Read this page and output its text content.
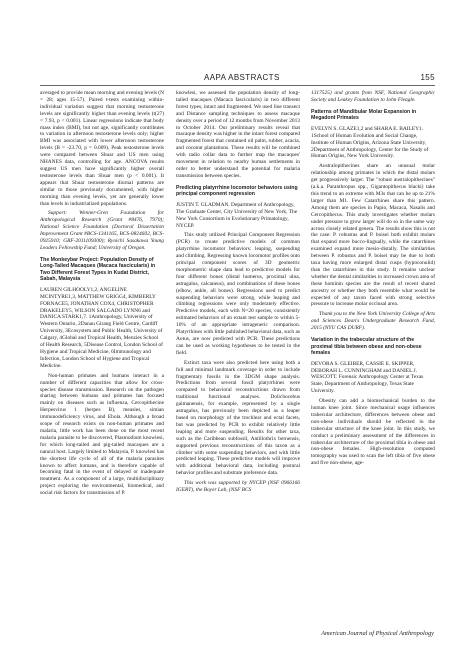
AAPA ABSTRACTS	155

averaged to provide mean morning and evening levels (N = 28; ages 15-57). Paired t-tests examining within-individual variation suggest that morning testosterone levels are significantly higher than evening levels (t(27) = 7.93, p < 0.001). Linear regressions indicate that body mass index (BMI), but not age, significantly contributes to variation in afternoon testosterone levels only; higher BMI was associated with lower afternoon testosterone levels (B = -23.70, p = 0.009). Peak testosterone levels were compared between Shuar and US men using NHANES data, controlling for age. ANCOVA results suggest US men have significantly higher overall testosterone levels than Shuar men (p < 0.001). It appears that Shuar testosterone diurnal patterns are similar to those previously documented, with higher morning than evening levels, yet are generally lower than levels in industrialized populations.

Support: Wenner-Gren Foundation for Anthropological Research (Grant #8476, 7970); National Science Foundation (Doctoral Dissertation Improvement Grant #BCS-1341165, BCS-0824602, BCS-0925910; GRF-2011109300); Ryoichi Sasakawa Young Leaders Fellowship Fund; University of Oregon.

The Monkeybar Project: Population Density of Long-Tailed Macaques (Macaca fascicularis) in Two Different Forest Types in Kudat District, Sabah, Malaysia

LAUREN GILHOOLY1,2, ANGELINE MCINTYRE1,3, MATTHEW GRIGG4, KIMBERLY FORNACE5, JONATHAN COX4, CHRISTOPHER DRAKELEY5, WILSON SALGADO LYNN6 and DANICA STARK1,7. 1Anthropology, University of Western Ontario, 2Danau Girang Field Centre, Cardiff University, 3Ecosystem and Public Health, University of Calgary, 4Global and Tropical Health, Menzies School of Health Research, 5Disease Control, London School of Hygiene and Tropical Medicine, 6Immunology and Infection, London School of Hygiene and Tropical Medicine.

Non-human primates and humans interact in a number of different capacities that allow for cross-species disease transmission. Research on the pathogen sharing between humans and primates has focused mainly on diseases such as influenza, Cercopithecine Herpesvirus 1 (herpes B), measles, simian immunodeficiency virus, and Ebola. Although a broad scope of research exists on non-human primates and malaria, little work has been done on the most recent malaria parasite to be discovered, Plasmodium knowlesi, for which long-tailed and pig-tailed macaques are a natural host. Largely limited to Malaysia, P. knowlesi has the shortest life cycle of all of the malaria parasites known to affect humans, and is therefore capable of becoming fatal in the event of delayed or inadequate treatment. As a component of a large, multidisciplinary project exploring the environmental, biomedical, and social risk factors for transmission of P.

knowlesi, we assessed the population density of long-tailed macaques (Macaca fascicularis) in two different forest types, intact and fragmented. We used line transect and Distance sampling techniques to assess macaque density over a period of 12 months from November 2013 to October 2014. Our preliminary results reveal that macaque density was higher in the intact forest compared fragmented forest that contained oil palm, rubber, acacia, and coconut plantations. These results will be combined with radio collar data to further map the macaques' movement in relation to nearby human settlements in order to better understand the potential for malaria transmission between species.

Predicting platyrrhine locomotor behaviors using principal component regression

JUSTIN T. GLADMAN. Department of Anthropology, The Graduate Center, City University of New York, The New York Consortium in Evolutionary Primatology, NYCEP.

This study utilized Principal Component Regression (PCR) to create predictive models of common platyrrhine locomotor behaviors: leaping, suspending and climbing. Regressing known locomotor profiles onto principal component scores of 3D geometric morphometric shape data lead to predictive models for four different bones (distal humerus, proximal ulna, astragalus, calcaneus), and combinations of these bones (elbow, ankle, all bones). Regressions used to predict suspending behaviors were strong, while leaping and climbing regressions were only moderately effective. Predictive models, each with N=20 species, consistently estimated behaviors of an extant test sample to within 5-10% of an appropriate intrageneric comparison. Platyrrhines with little published behavioral data, such as Aotus, are now predicted with PCR. These predictions can be used as working hypotheses to be tested in the field.

Extinct taxa were also predicted here using both a full and minimal landmark coverage in order to include fragmentary fossils in the 3DGM shape analysis. Predictions from several fossil platyrrhines were compared to behavioral reconstructions drawn from traditional functional analyses. Dolichocebus gaimanensis, for example, represented by a single astragalus, has previously been depicted as a leaper based on morphology of the trochlear and ectal facets, but was predicted by PCR to exhibit relatively little leaping and more suspending. Results for other taxa, such as the Caribbean subfossil, Antillothrix bernensis, supported previous reconstructions of this taxon as a climber with some suspending behaviors, and with little predicted leaping. These predictive models will improve with additional behavioral data, including postural behavior profiles and substrate preference data.

This work was supported by NYCEP (NSF 0966166 IGERT), the Boyer Lab, (NSF BCS

1317525) and grants from NSF, National Geographic Society and Leakey Foundation to John Fleagle.

Patterns of Mandibular Molar Expansion in Megadont Primates

EVELYN S. GLAZE1,2 and SHARA E. BAILEY1. 1School of Human Evolution and Social Change, Institute of Human Origins, Arizona State University, 2Department of Anthropology, Center for the Study of Human Origins, New York University.

Australopithecines share an unusual molar relationship among primates in which the distal molars get progressively larger. The "robust australopithecines" (a.k.a. Paranthropus spp., Gigantopithecus blacki) take this trend to an extreme with M3s that can be up to 21% larger than M1. Few Catarrhines share this pattern. Among them are species in Papio, Macaca, Nasalis and Cercopithecus. This study investigates whether molars under pressure to grow larger will do so in the same way across closely related genera. The results show this is not the case: P. robustus and P. boisei both exhibit molars that expand more bucco-lingually, while the catarrhines examined expand more mesio-distally. The similarities between P. robustus and P. boisei may be due to both taxa having more enlarged distal cusps (hypoconulid) than the catarrhines in this study. It remains unclear whether the dental similarities in increased crown area of these hominin species are the result of recent shared ancestry or whether they both resemble what would be expected of any taxon faced with strong selective pressure to increase molar occlusal area.

Thank you to the New York University College of Arts and Sciences Dean's Undergraduate Research Fund, 2015 (NYU CAS DURF).

Variation in the trabecular structure of the proximal tibia between obese and non-obese females

DEVORA S. GLEIBER, CASSIE E. SKIPPER, DEBORAH L. CUNNINGHAM and DANIEL J. WESCOTT. Forensic Anthropology Center at Texas State, Department of Anthropology, Texas State University.

Obesity can add a biomechanical burden to the human knee joint. Since mechanical usage influences trabecular architecture, differences between obese and non-obese individuals should be reflected in the trabecular structure of the knee joint. In this study, we conduct a preliminary assessment of the differences in trabecular architecture of the proximal tibia in obese and non-obese females. High-resolution computed tomography was used to scan the left tibia of five obese and five non-obese, age-

American Journal of Physical Anthropology
